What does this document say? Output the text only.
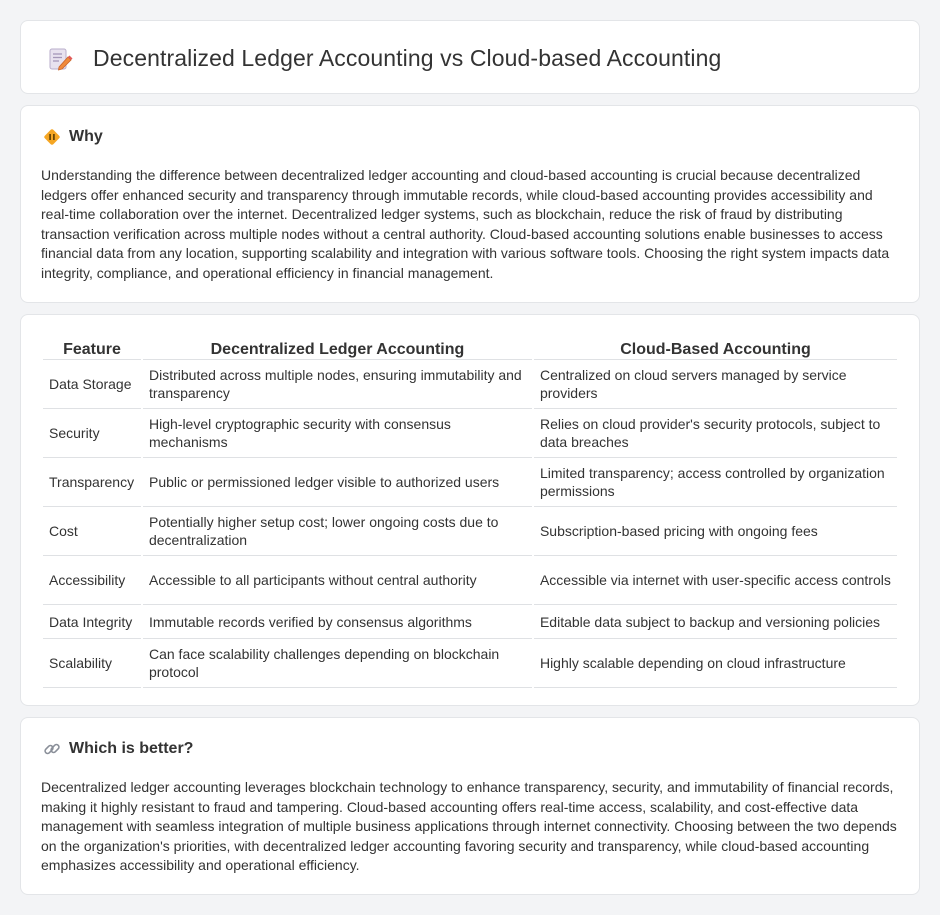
Decentralized Ledger Accounting vs Cloud-based Accounting
Why

Understanding the difference between decentralized ledger accounting and cloud-based accounting is crucial because decentralized ledgers offer enhanced security and transparency through immutable records, while cloud-based accounting provides accessibility and real-time collaboration over the internet. Decentralized ledger systems, such as blockchain, reduce the risk of fraud by distributing transaction verification across multiple nodes without a central authority. Cloud-based accounting solutions enable businesses to access financial data from any location, supporting scalability and integration with various software tools. Choosing the right system impacts data integrity, compliance, and operational efficiency in financial management.

Feature	Decentralized Ledger Accounting	Cloud-Based Accounting
Data Storage	Distributed across multiple nodes, ensuring immutability and transparency	Centralized on cloud servers managed by service providers
Security	High-level cryptographic security with consensus mechanisms	Relies on cloud provider's security protocols, subject to data breaches
Transparency	Public or permissioned ledger visible to authorized users	Limited transparency; access controlled by organization permissions
Cost	Potentially higher setup cost; lower ongoing costs due to decentralization	Subscription-based pricing with ongoing fees
Accessibility	Accessible to all participants without central authority	Accessible via internet with user-specific access controls
Data Integrity	Immutable records verified by consensus algorithms	Editable data subject to backup and versioning policies
Scalability	Can face scalability challenges depending on blockchain protocol	Highly scalable depending on cloud infrastructure
Which is better?

Decentralized ledger accounting leverages blockchain technology to enhance transparency, security, and immutability of financial records, making it highly resistant to fraud and tampering. Cloud-based accounting offers real-time access, scalability, and cost-effective data management with seamless integration of multiple business applications through internet connectivity. Choosing between the two depends on the organization's priorities, with decentralized ledger accounting favoring security and transparency, while cloud-based accounting emphasizes accessibility and operational efficiency.
